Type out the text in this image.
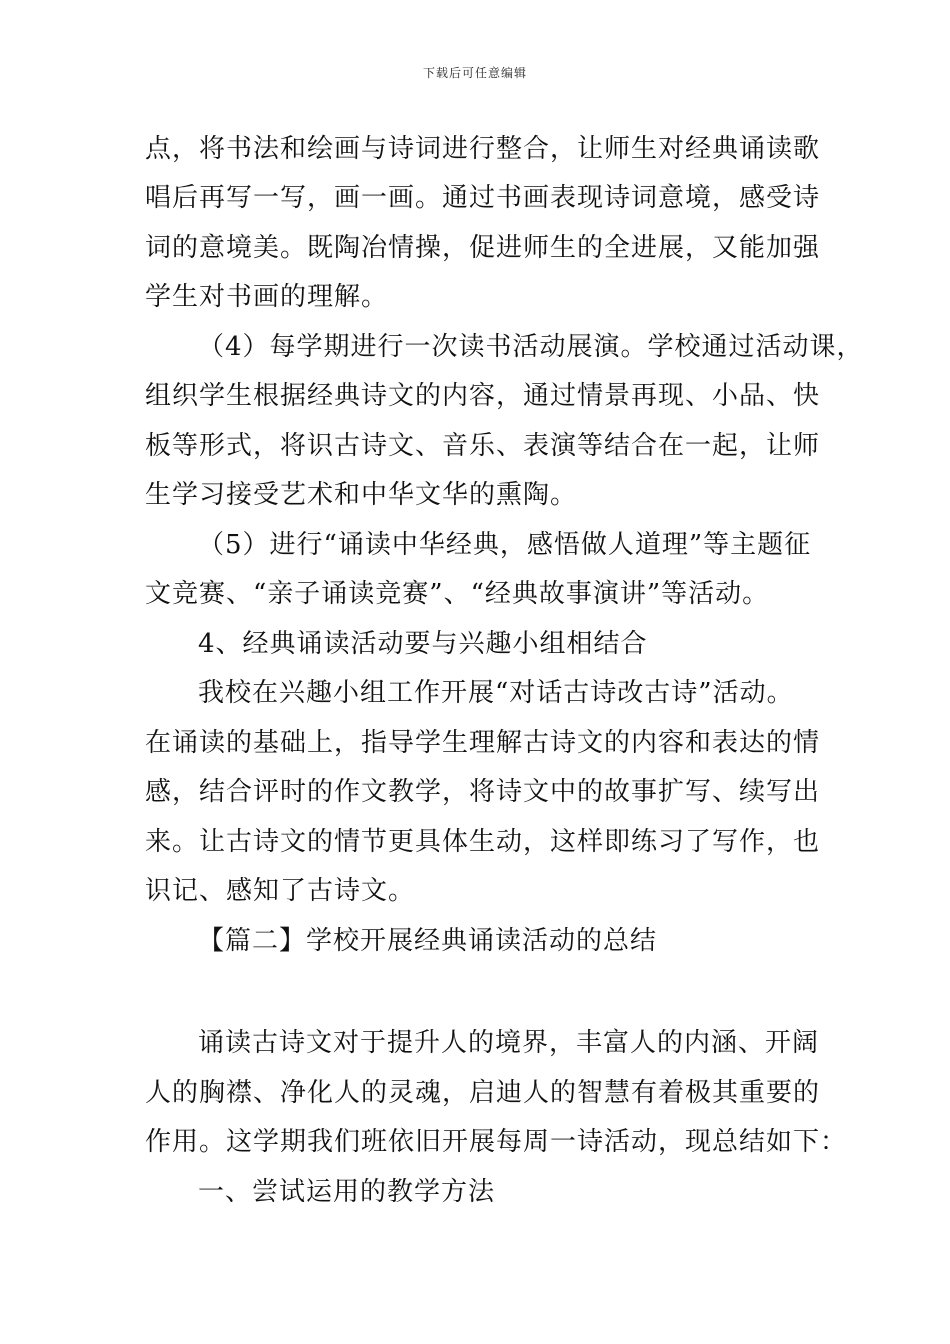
下载后可任意编辑
点，将书法和绘画与诗词进行整合，让师生对经典诵读歌
唱后再写一写，画一画。通过书画表现诗词意境，感受诗
词的意境美。既陶冶情操，促进师生的全进展，又能加强
学生对书画的理解。
（4）每学期进行一次读书活动展演。学校通过活动课，
组织学生根据经典诗文的内容，通过情景再现、小品、快
板等形式，将识古诗文、音乐、表演等结合在一起，让师
生学习接受艺术和中华文华的熏陶。
（5）进行“诵读中华经典，感悟做人道理”等主题征
文竞赛、“亲子诵读竞赛”、“经典故事演讲”等活动。
4、经典诵读活动要与兴趣小组相结合
我校在兴趣小组工作开展“对话古诗改古诗”活动。
在诵读的基础上，指导学生理解古诗文的内容和表达的情
感，结合评时的作文教学，将诗文中的故事扩写、续写出
来。让古诗文的情节更具体生动，这样即练习了写作，也
识记、感知了古诗文。
【篇二】学校开展经典诵读活动的总结
诵读古诗文对于提升人的境界，丰富人的内涵、开阔
人的胸襟、净化人的灵魂，启迪人的智慧有着极其重要的
作用。这学期我们班依旧开展每周一诗活动，现总结如下：
一、尝试运用的教学方法
